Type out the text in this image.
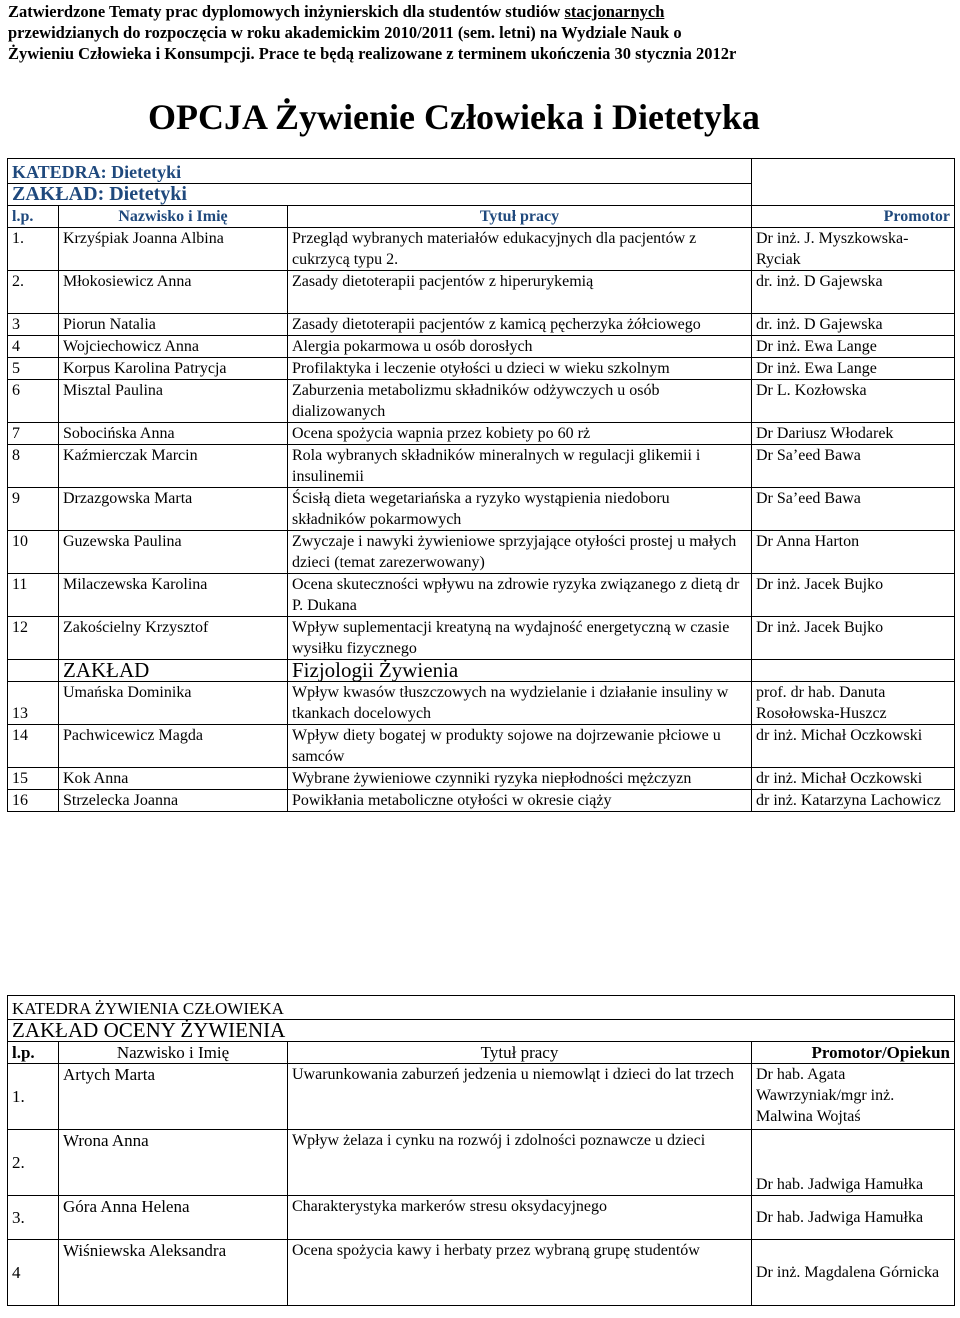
Zatwierdzone Tematy prac dyplomowych inżynierskich dla studentów studiów stacjonarnych
przewidzianych do rozpoczęcia w roku akademickim 2010/2011 (sem. letni) na Wydziale Nauk o
Żywieniu Człowieka i Konsumpcji. Prace te będą realizowane z terminem ukończenia 30 stycznia 2012r
OPCJA Żywienie Człowieka i Dietetyka
KATEDRA: Dietetyki			
ZAKŁAD: Dietetyki			
l.p.	Nazwisko i Imię	Tytuł pracy	Promotor
1.	Krzyśpiak Joanna Albina	Przegląd wybranych materiałów edukacyjnych dla pacjentów z cukrzycą typu 2.	Dr inż. J. Myszkowska-Ryciak
2.	Młokosiewicz Anna	Zasady dietoterapii pacjentów z hiperurykemią	dr. inż. D Gajewska
3	Piorun Natalia	Zasady dietoterapii pacjentów z kamicą pęcherzyka żółciowego	dr. inż. D Gajewska
4	Wojciechowicz Anna	Alergia pokarmowa u osób dorosłych	Dr inż. Ewa Lange
5	Korpus Karolina Patrycja	Profilaktyka i leczenie otyłości u dzieci w wieku szkolnym	Dr inż. Ewa Lange
6	Misztal Paulina	Zaburzenia metabolizmu składników odżywczych u osób dializowanych	Dr L. Kozłowska
7	Sobocińska Anna	Ocena spożycia wapnia przez kobiety po 60 rż	Dr Dariusz Włodarek
8	Kaźmierczak Marcin	Rola wybranych składników mineralnych w regulacji glikemii i insulinemii	Dr Sa’eed Bawa
9	Drzazgowska Marta	Ścisłą dieta wegetariańska a ryzyko wystąpienia niedoboru składników pokarmowych	Dr Sa’eed Bawa
10	Guzewska Paulina	Zwyczaje i nawyki żywieniowe sprzyjające otyłości prostej u małych dzieci (temat zarezerwowany)	Dr Anna Harton
11	Milaczewska Karolina	Ocena skuteczności wpływu na zdrowie ryzyka związanego z dietą dr P. Dukana	Dr inż. Jacek Bujko
12	Zakościelny Krzysztof	Wpływ suplementacji kreatyną na wydajność energetyczną w czasie wysiłku fizycznego	Dr inż. Jacek Bujko
	ZAKŁAD	Fizjologii Żywienia	
13	Umańska Dominika	Wpływ kwasów tłuszczowych na wydzielanie i działanie insuliny w tkankach docelowych	prof. dr hab. Danuta Rosołowska-Huszcz
14	Pachwicewicz Magda	Wpływ diety bogatej w produkty sojowe na dojrzewanie płciowe u samców	dr inż. Michał Oczkowski
15	Kok Anna	Wybrane żywieniowe czynniki ryzyka niepłodności mężczyzn	dr inż. Michał Oczkowski
16	Strzelecka Joanna	Powikłania metaboliczne otyłości w okresie ciąży	dr inż. Katarzyna Lachowicz
KATEDRA ŻYWIENIA CZŁOWIEKA			
ZAKŁAD OCENY ŻYWIENIA			
l.p.	Nazwisko i Imię	Tytuł pracy	Promotor/Opiekun
1.	Artych Marta	Uwarunkowania zaburzeń jedzenia u niemowląt i dzieci do lat trzech	Dr hab. Agata Wawrzyniak/mgr inż. Malwina Wojtaś
2.	Wrona Anna	Wpływ żelaza i cynku na rozwój i zdolności poznawcze u dzieci	Dr hab. Jadwiga Hamułka
3.	Góra Anna Helena	Charakterystyka markerów stresu oksydacyjnego	Dr hab. Jadwiga Hamułka
4	Wiśniewska Aleksandra	Ocena spożycia kawy i herbaty przez wybraną grupę studentów	Dr inż. Magdalena Górnicka
